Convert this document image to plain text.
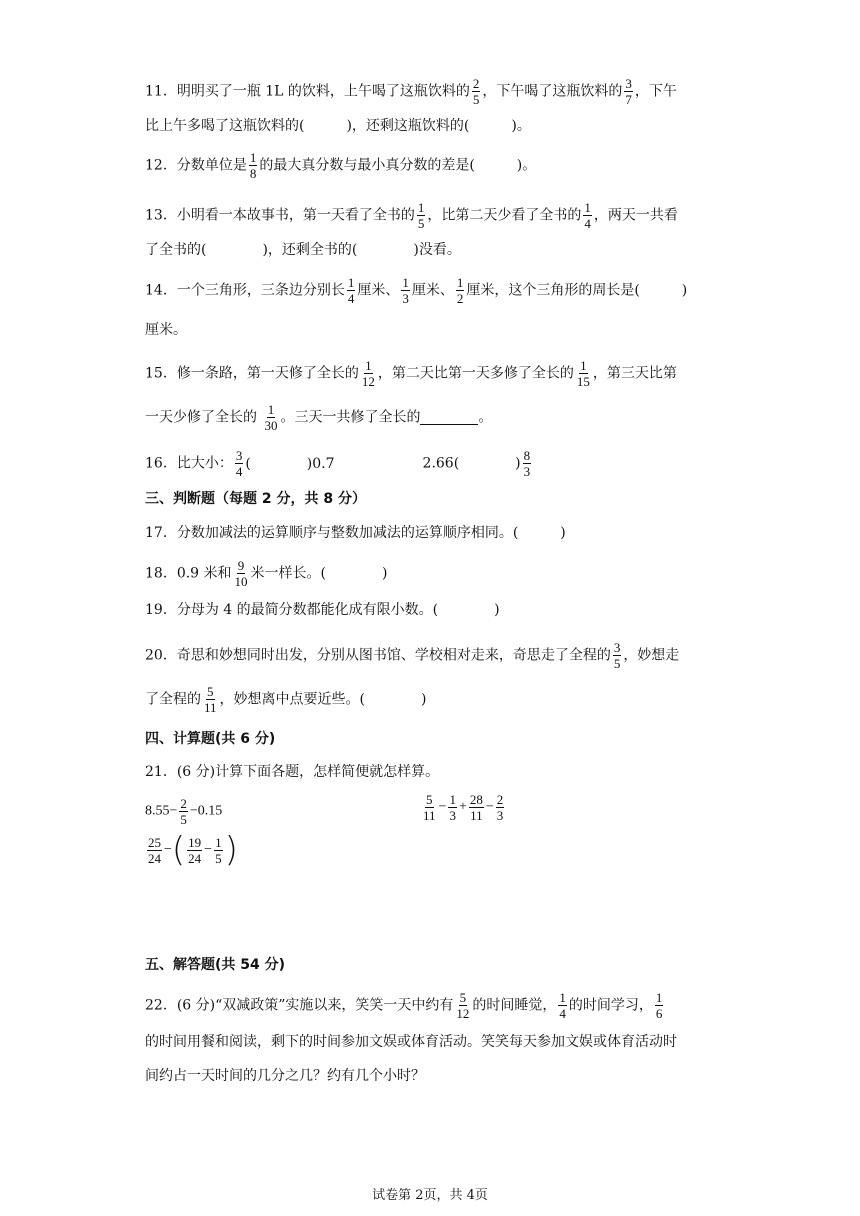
11．明明买了一瓶 1L 的饮料，上午喝了这瓶饮料的 $\frac{2}{5}$ ，下午喝了这瓶饮料的 $\frac{3}{7}$ ，下午
比上午多喝了这瓶饮料的(　　　)，还剩这瓶饮料的(　　　)。
12．分数单位是 $\frac{1}{8}$ 的最大真分数与最小真分数的差是(　　　)。
13．小明看一本故事书，第一天看了全书的 $\frac{1}{5}$ ，比第二天少看了全书的 $\frac{1}{4}$ ，两天一共看
了全书的(　　　　)，还剩全书的(　　　　)没看。
14．一个三角形，三条边分别长 $\frac{1}{4}$ 厘米、 $\frac{1}{3}$ 厘米、 $\frac{1}{2}$ 厘米，这个三角形的周长是(　　　)
厘米。
15．修一条路，第一天修了全长的 $\frac{1}{12}$ ，第二天比第一天多修了全长的 $\frac{1}{15}$ ，第三天比第
一天少修了全长的 $\frac{1}{30}$ 。三天一共修了全长的	。
16．比大小： $\frac{3}{4}$ (　　　　)0.7	2.66(　　　　) $\frac{8}{3}$
三、判断题（每题 2 分，共 8 分）
17．分数加减法的运算顺序与整数加减法的运算顺序相同。(　　　)
18．0.9 米和 $\frac{9}{10}$ 米一样长。(　　　　)
19．分母为 4 的最简分数都能化成有限小数。(　　　　)
20．奇思和妙想同时出发，分别从图书馆、学校相对走来，奇思走了全程的 $\frac{3}{5}$ ，妙想走
了全程的 $\frac{5}{11}$ ，妙想离中点要近些。(　　　　)
四、计算题(共 6 分)
21．(6 分)计算下面各题，怎样简便就怎样算。
$8.55- \frac{2}{5} -0.15$	$\frac{5}{11} - \frac{1}{3} + \frac{28}{11} - \frac{2}{3}$
$\frac{25}{24}$ −( $\frac{19}{24} - \frac{1}{5}$ )
五、解答题(共 54 分)
22．(6 分)“双减政策”实施以来，笑笑一天中约有 $\frac{5}{12}$ 的时间睡觉， $\frac{1}{4}$ 的时间学习， $\frac{1}{6}$
的时间用餐和阅读，剩下的时间参加文娱或体育活动。笑笑每天参加文娱或体育活动时
间约占一天时间的几分之几？约有几个小时？
试卷第 2页，共 4页
